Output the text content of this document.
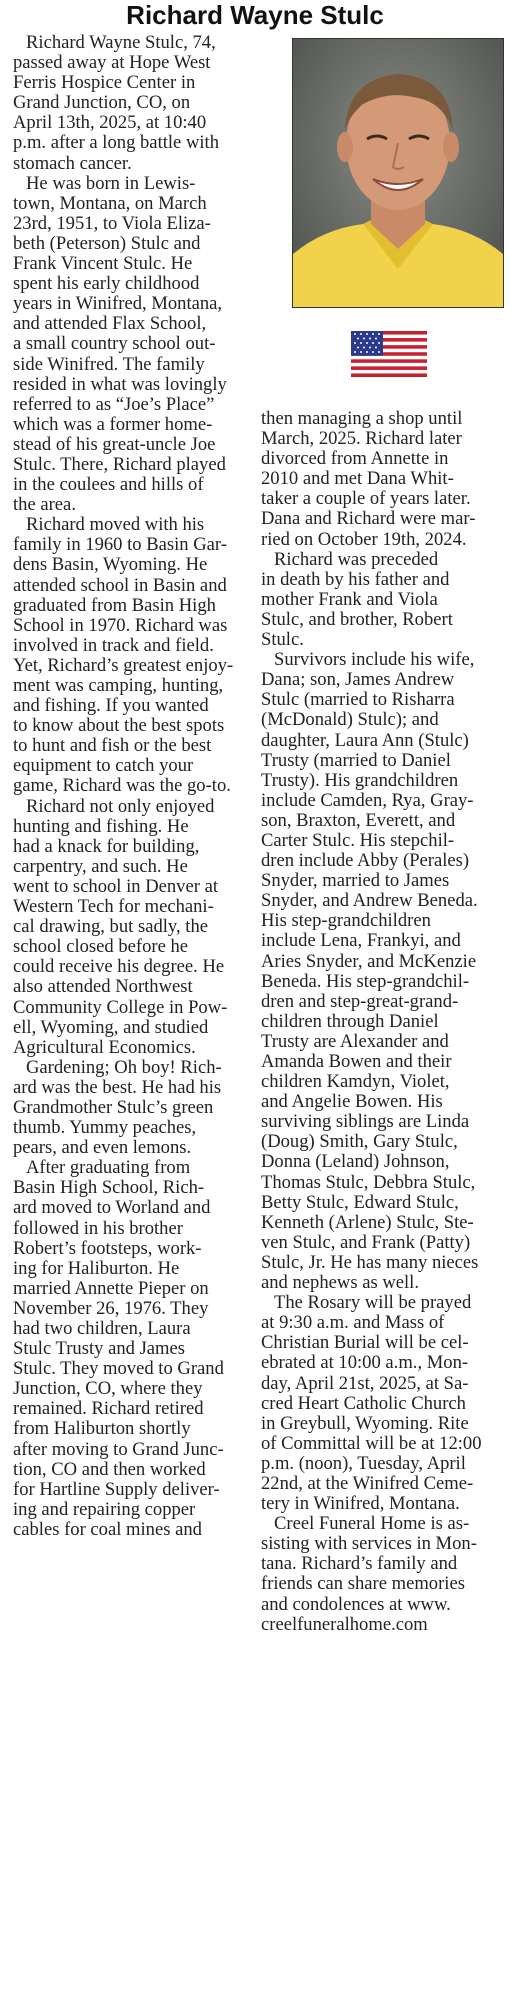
Richard Wayne Stulc
Richard Wayne Stulc, 74,
passed away at Hope West
Ferris Hospice Center in
Grand Junction, CO, on
April 13th, 2025, at 10:40
p.m. after a long battle with
stomach cancer.
He was born in Lewis-
town, Montana, on March
23rd, 1951, to Viola Eliza-
beth (Peterson) Stulc and
Frank Vincent Stulc. He
spent his early childhood
years in Winifred, Montana,
and attended Flax School,
a small country school out-
side Winifred. The family
resided in what was lovingly
referred to as “Joe’s Place”
which was a former home-
stead of his great-uncle Joe
Stulc. There, Richard played
in the coulees and hills of
the area.
Richard moved with his
family in 1960 to Basin Gar-
dens Basin, Wyoming. He
attended school in Basin and
graduated from Basin High
School in 1970. Richard was
involved in track and field.
Yet, Richard’s greatest enjoy-
ment was camping, hunting,
and fishing. If you wanted
to know about the best spots
to hunt and fish or the best
equipment to catch your
game, Richard was the go-to.
Richard not only enjoyed
hunting and fishing. He
had a knack for building,
carpentry, and such. He
went to school in Denver at
Western Tech for mechani-
cal drawing, but sadly, the
school closed before he
could receive his degree. He
also attended Northwest
Community College in Pow-
ell, Wyoming, and studied
Agricultural Economics.
Gardening; Oh boy! Rich-
ard was the best. He had his
Grandmother Stulc’s green
thumb. Yummy peaches,
pears, and even lemons.
After graduating from
Basin High School, Rich-
ard moved to Worland and
followed in his brother
Robert’s footsteps, work-
ing for Haliburton. He
married Annette Pieper on
November 26, 1976. They
had two children, Laura
Stulc Trusty and James
Stulc. They moved to Grand
Junction, CO, where they
remained. Richard retired
from Haliburton shortly
after moving to Grand Junc-
tion, CO and then worked
for Hartline Supply deliver-
ing and repairing copper
cables for coal mines and
then managing a shop until
March, 2025. Richard later
divorced from Annette in
2010 and met Dana Whit-
taker a couple of years later.
Dana and Richard were mar-
ried on October 19th, 2024.
Richard was preceded
in death by his father and
mother Frank and Viola
Stulc, and brother, Robert
Stulc.
Survivors include his wife,
Dana; son, James Andrew
Stulc (married to Risharra
(McDonald) Stulc); and
daughter, Laura Ann (Stulc)
Trusty (married to Daniel
Trusty). His grandchildren
include Camden, Rya, Gray-
son, Braxton, Everett, and
Carter Stulc. His stepchil-
dren include Abby (Perales)
Snyder, married to James
Snyder, and Andrew Beneda.
His step-grandchildren
include Lena, Frankyi, and
Aries Snyder, and McKenzie
Beneda. His step-grandchil-
dren and step-great-grand-
children through Daniel
Trusty are Alexander and
Amanda Bowen and their
children Kamdyn, Violet,
and Angelie Bowen. His
surviving siblings are Linda
(Doug) Smith, Gary Stulc,
Donna (Leland) Johnson,
Thomas Stulc, Debbra Stulc,
Betty Stulc, Edward Stulc,
Kenneth (Arlene) Stulc, Ste-
ven Stulc, and Frank (Patty)
Stulc, Jr. He has many nieces
and nephews as well.
The Rosary will be prayed
at 9:30 a.m. and Mass of
Christian Burial will be cel-
ebrated at 10:00 a.m., Mon-
day, April 21st, 2025, at Sa-
cred Heart Catholic Church
in Greybull, Wyoming. Rite
of Committal will be at 12:00
p.m. (noon), Tuesday, April
22nd, at the Winifred Ceme-
tery in Winifred, Montana.
Creel Funeral Home is as-
sisting with services in Mon-
tana. Richard’s family and
friends can share memories
and condolences at www.
creelfuneralhome.com
